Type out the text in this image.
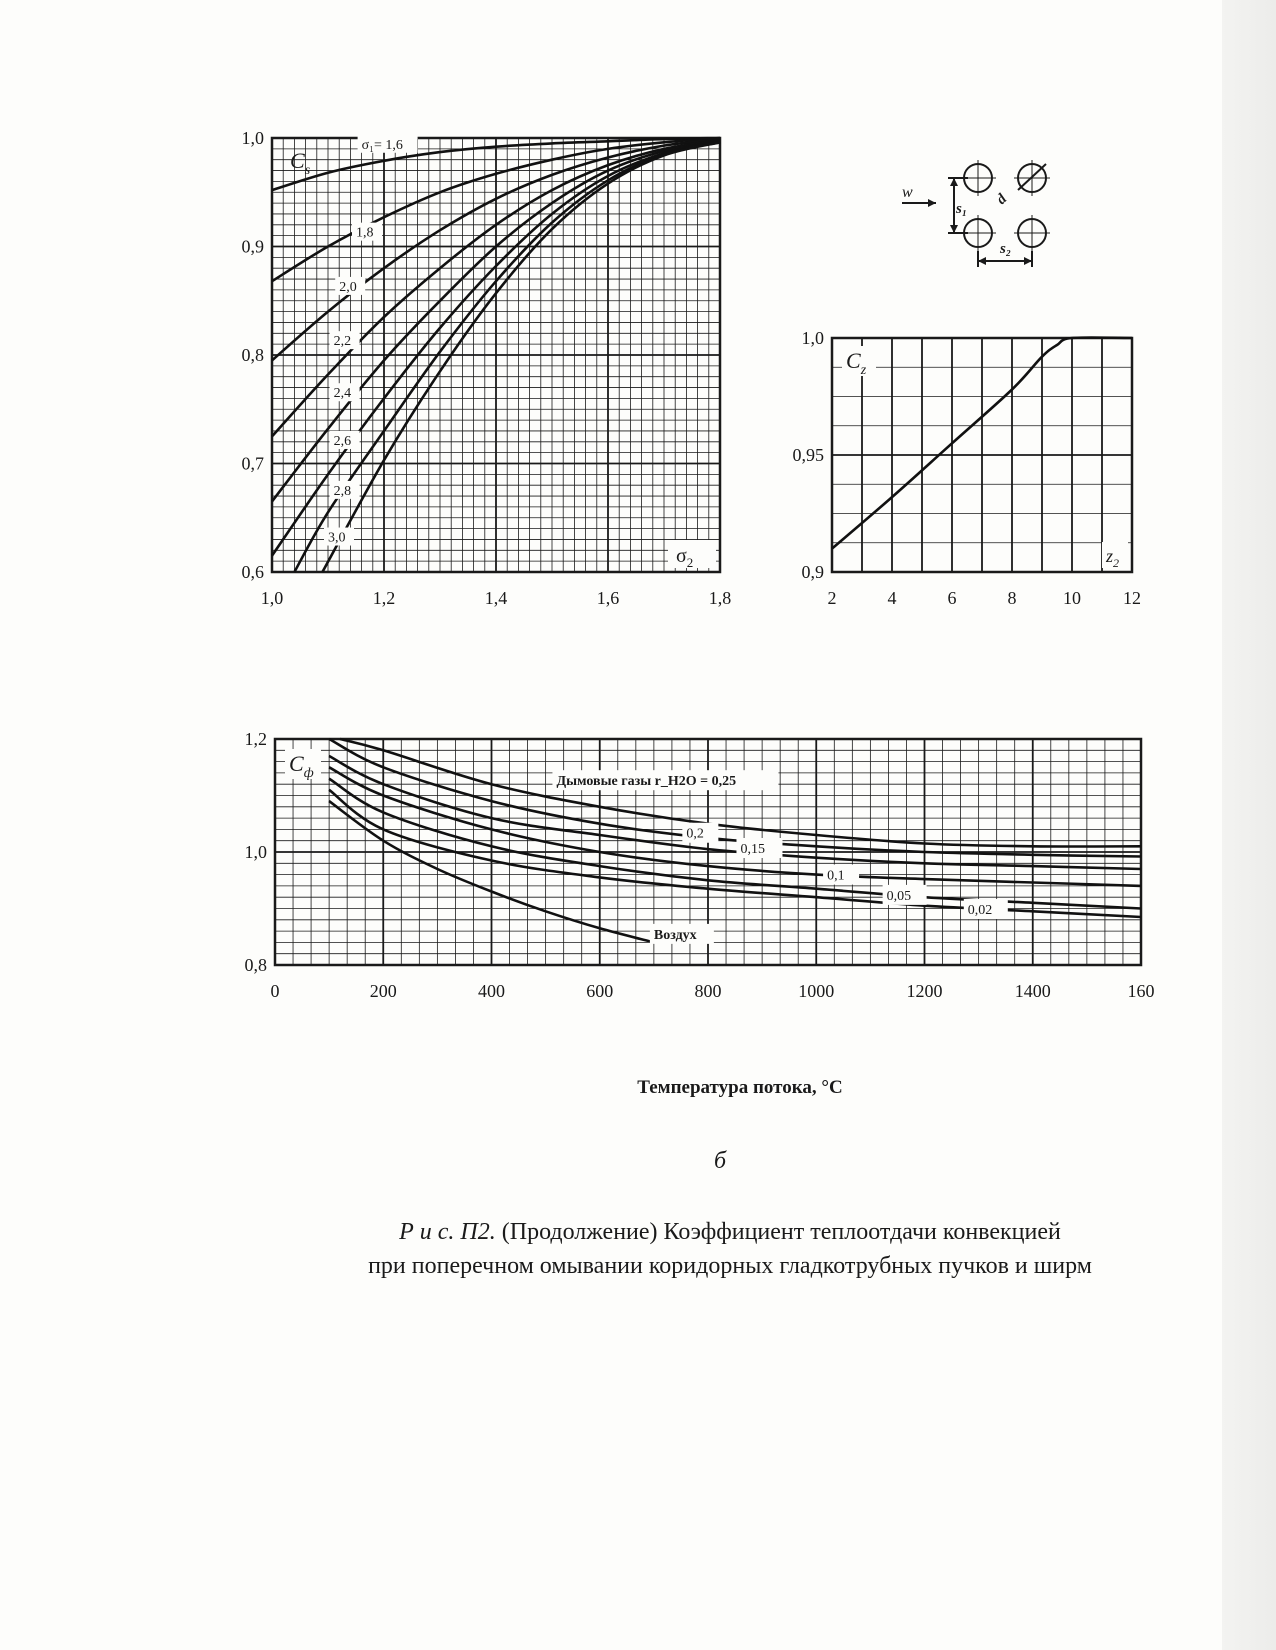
1,0	1,2	1,4	1,6	1,8
0,6
0,7
0,8
0,9
1,0
$C_s$
$\sigma_2$
σ₁= 1,6
1,8
2,0
2,2
2,4
2,6
2,8
3,0
2	4	6	8	10 12
0,9
0,95
1,0
$C_z$
$z_2$
w
s₁
d
s₂
0	200	400	600	800	1000	1200	1400	160
0,8
1,0
1,2
$C_ф$
Дымовые газы r_H2O = 0,25
0,2
0,15
0,1
0,05
0,02
Воздух
Температура потока, °C
б
Р и с. П2. (Продолжение) Коэффициент теплоотдачи конвекцией
при поперечном омывании коридорных гладкотрубных пучков и ширм
